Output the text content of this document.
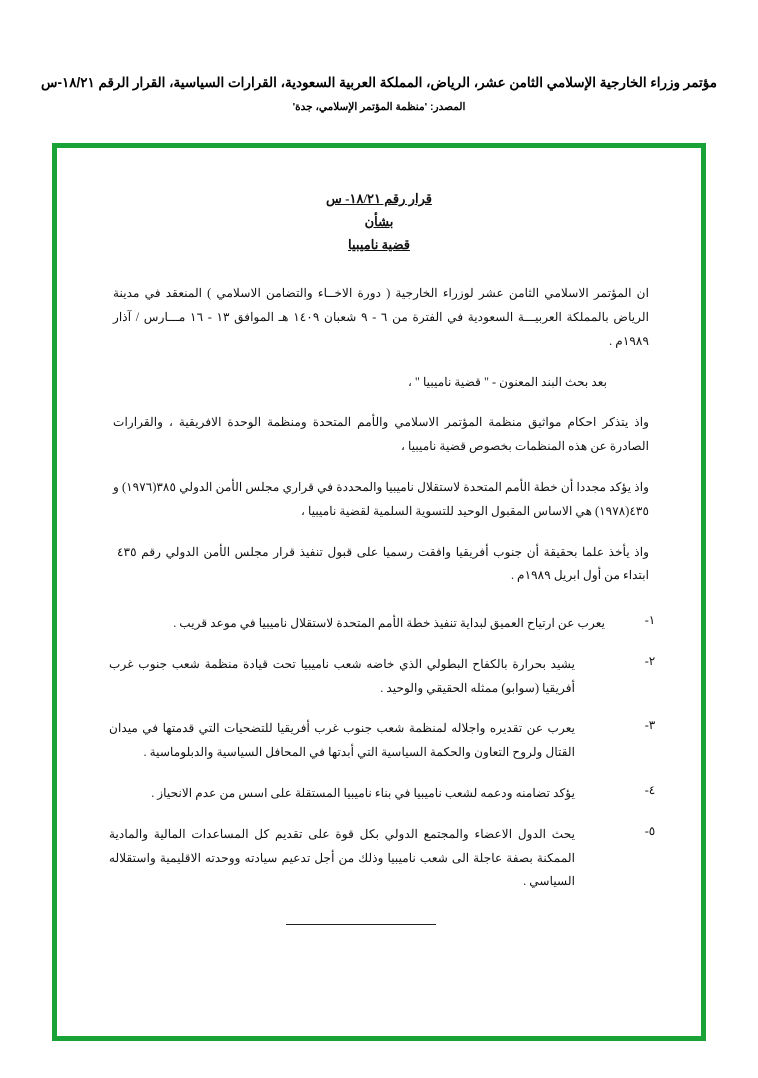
مؤتمر وزراء الخارجية الإسلامي الثامن عشر، الرياض، المملكة العربية السعودية، القرارات السياسية، القرار الرقم ١٨/٢١-س
المصدر: 'منظمة المؤتمر الإسلامي، جدة'
قرار رقم ١٨/٢١- س
بشأن
قضية ناميبيا

ان المؤتمر الاسلامي الثامن عشر لوزراء الخارجية ( دورة الاخــاء والتضامن الاسلامي ) المنعقد في مدينة الرياض بالمملكة العربيـــة السعودية في الفترة من ٦ - ٩ شعبان ١٤٠٩ هـ الموافق ١٣ - ١٦ مـــارس / آذار ١٩٨٩م .

بعد بحث البند المعنون - " قضية ناميبيا " ،

واذ يتذكر احكام مواثيق منظمة المؤتمر الاسلامي والأمم المتحدة ومنظمة الوحدة الافريقية ، والقرارات الصادرة عن هذه المنظمات بخصوص قضية ناميبيا ،

واذ يؤكد مجددا أن خطة الأمم المتحدة لاستقلال ناميبيا والمحددة في قراري مجلس الأمن الدولي ٣٨٥(١٩٧٦) و ٤٣٥(١٩٧٨) هي الاساس المقبول الوحيد للتسوية السلمية لقضية ناميبيا ،

واذ يأخذ علما بحقيقة أن جنوب أفريقيا وافقت رسميا على قبول تنفيذ قرار مجلس الأمن الدولي رقم ٤٣٥ ابتداء من أول ابريل ١٩٨٩م .

١-
يعرب عن ارتياح العميق لبداية تنفيذ خطة الأمم المتحدة لاستقلال ناميبيا في موعد قريب .
٢-
يشيد بحرارة بالكفاح البطولي الذي خاضه شعب ناميبيا تحت قيادة منظمة شعب جنوب غرب أفريقيا (سوابو) ممثله الحقيقي والوحيد .
٣-
يعرب عن تقديره واجلاله لمنظمة شعب جنوب غرب أفريقيا للتضحيات التي قدمتها في ميدان القتال ولروح التعاون والحكمة السياسية التي أبدتها في المحافل السياسية والدبلوماسية .
٤-
يؤكد تضامنه ودعمه لشعب ناميبيا في بناء ناميبيا المستقلة على اسس من عدم الانحياز .
٥-
يحث الدول الاعضاء والمجتمع الدولي بكل قوة على تقديم كل المساعدات المالية والمادية الممكنة بصفة عاجلة الى شعب ناميبيا وذلك من أجل تدعيم سيادته ووحدته الاقليمية واستقلاله السياسي .
